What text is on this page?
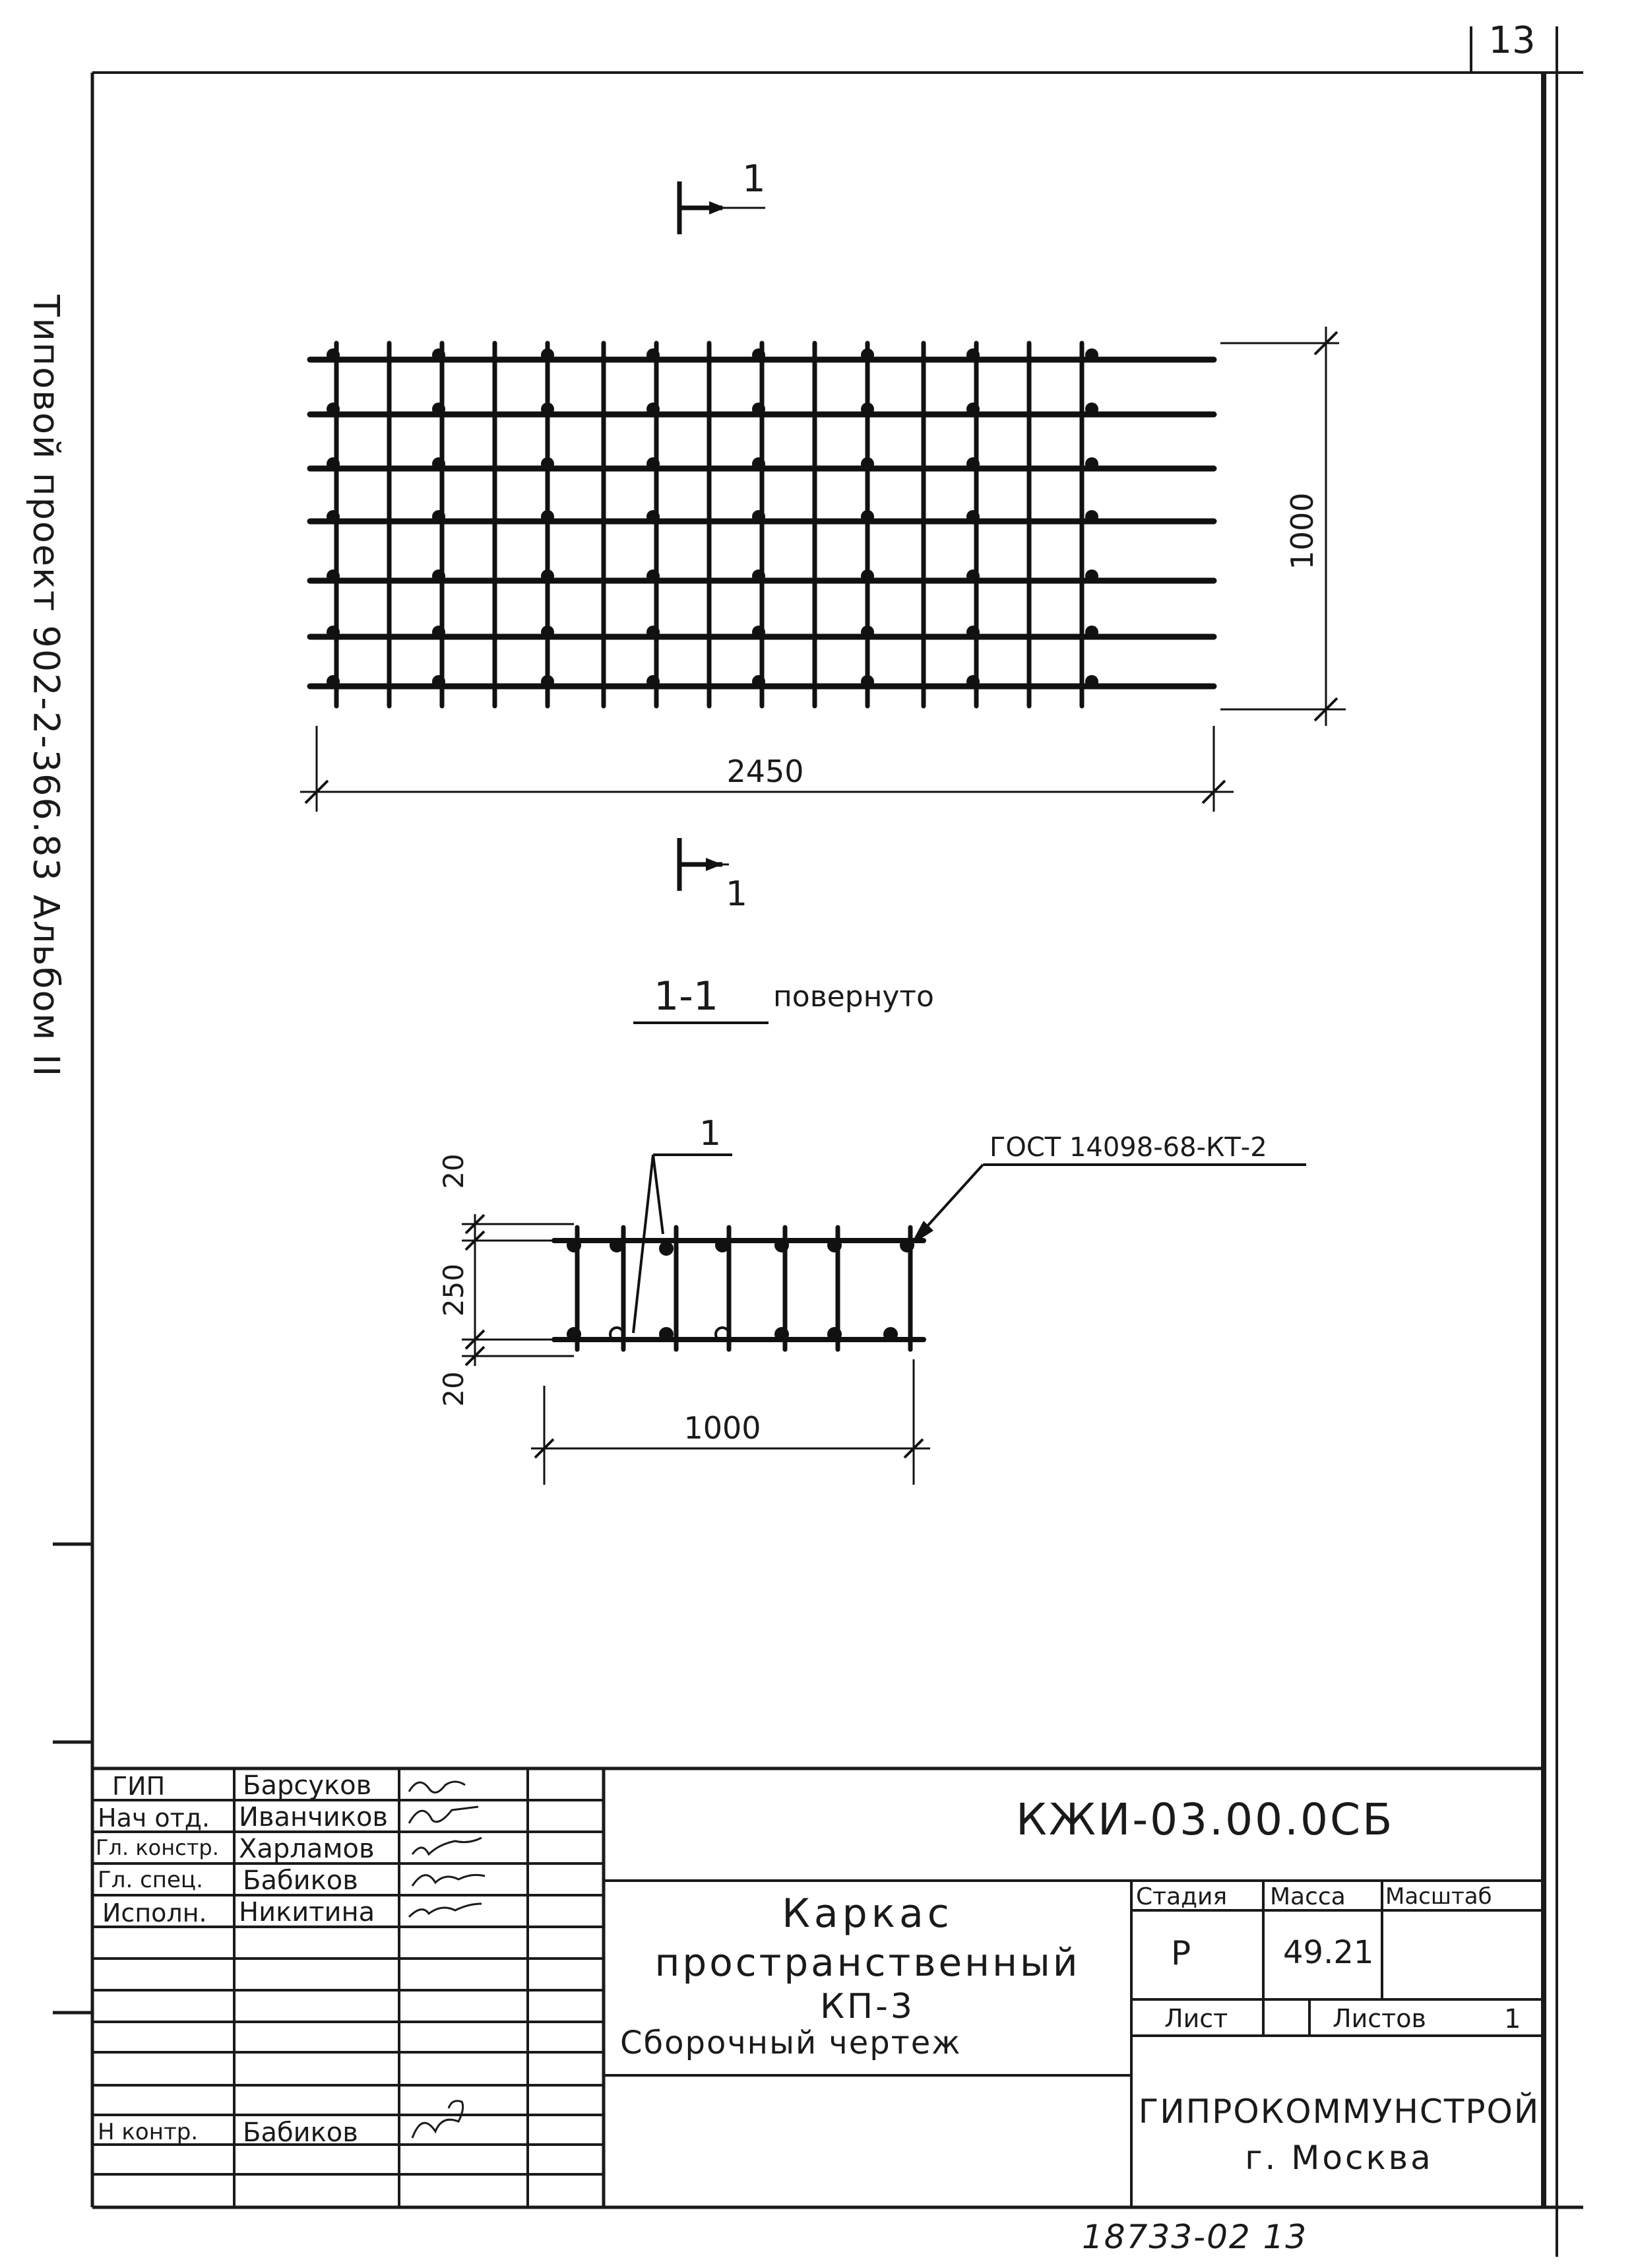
13
1
1
2450
1000
1-1 повернуто
1	ГОСТ 14098-68-КТ-2
20
250
20
1000
Типовой проект 902-2-366.83 Альбом II
ГИП	Барсуков
Нач отд. Иванчиков
Гл. констр. Харламов
Гл. спец. Бабиков
Исполн. Никитина
Н контр. Бабиков
КЖИ-03.00.0СБ
Каркас
пространственный
КП-3
Сборочный чертеж
Стадия Масса Масштаб
Р	49.21
Лист	Листов	1
ГИПРОКОММУНСТРОЙ
г. Москва
18733-02 13
